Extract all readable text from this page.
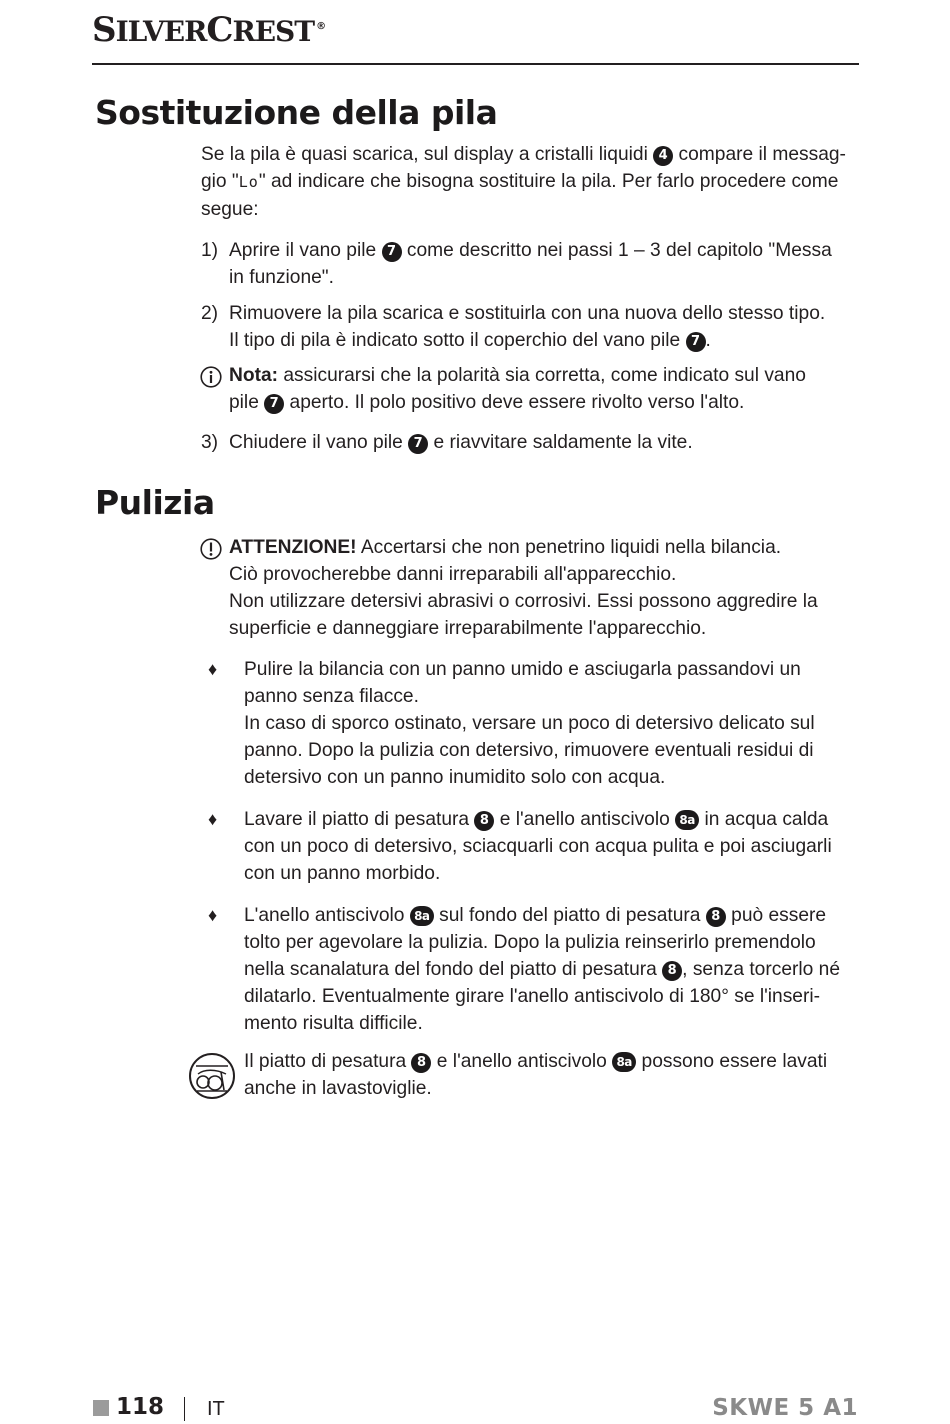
SILVERCREST ®
Sostituzione della pila
Se la pila è quasi scarica, sul display a cristalli liquidi 4 compare il messag-
gio "Lo" ad indicare che bisogna sostituire la pila. Per farlo procedere come segue:
1) Aprire il vano pile 7 come descritto nei passi 1 – 3 del capitolo "Messa in funzione".
2) Rimuovere la pila scarica e sostituirla con una nuova dello stesso tipo. Il tipo di pila è indicato sotto il coperchio del vano pile 7 .
Nota: assicurarsi che la polarità sia corretta, come indicato sul vano pile 7 aperto. Il polo positivo deve essere rivolto verso l'alto.
3) Chiudere il vano pile 7 e riavvitare saldamente la vite.
Pulizia
ATTENZIONE! Accertarsi che non penetrino liquidi nella bilancia.
Ciò provocherebbe danni irreparabili all'apparecchio.
Non utilizzare detersivi abrasivi o corrosivi. Essi possono aggredire la superficie e danneggiare irreparabilmente l'apparecchio.
♦ Pulire la bilancia con un panno umido e asciugarla passandovi un panno senza filacce.
In caso di sporco ostinato, versare un poco di detersivo delicato sul panno. Dopo la pulizia con detersivo, rimuovere eventuali residui di detersivo con un panno inumidito solo con acqua.
♦ Lavare il piatto di pesatura 8 e l'anello antiscivolo 8a in acqua calda con un poco di detersivo, sciacquarli con acqua pulita e poi asciugarli con un panno morbido.
♦ L'anello antiscivolo 8a sul fondo del piatto di pesatura 8 può essere tolto per agevolare la pulizia. Dopo la pulizia reinserirlo premendolo nella scanalatura del fondo del piatto di pesatura 8 , senza torcerlo né dilatarlo. Eventualmente girare l'anello antiscivolo di 180° se l'inseri-mento risulta difficile.
Il piatto di pesatura 8 e l'anello antiscivolo 8a possono essere lavati anche in lavastoviglie.
118 IT	SKWE 5 A1
